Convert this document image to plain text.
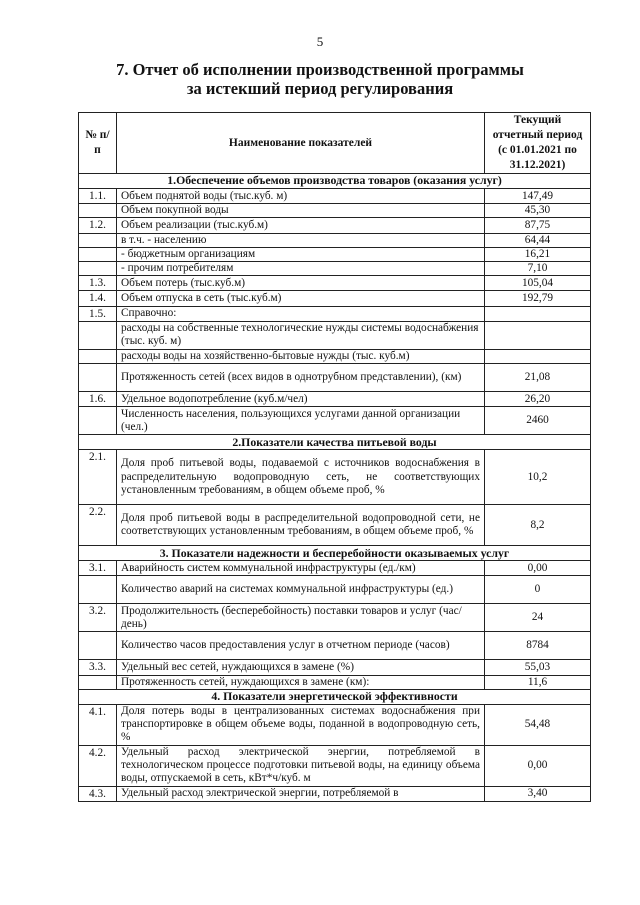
5
7. Отчет об исполнении производственной программы
за истекший период регулирования
№ п/п	Наименование показателей	Текущий отчетный период (с 01.01.2021 по 31.12.2021)
1.Обеспечение объемов производства товаров (оказания услуг)		
1.1.	Объем поднятой воды (тыс.куб. м)	147,49
	Объем покупной воды	45,30
1.2.	Объем реализации (тыс.куб.м)	87,75
	в т.ч. - населению	64,44
	- бюджетным организациям	16,21
	- прочим потребителям	7,10
1.3.	Объем потерь (тыс.куб.м)	105,04
1.4.	Объем отпуска в сеть (тыс.куб.м)	192,79
1.5.	Справочно:	
	расходы на собственные технологические нужды системы водоснабжения (тыс. куб. м)	
	расходы воды на хозяйственно-бытовые нужды (тыс. куб.м)	
	Протяженность сетей (всех видов в однотрубном представлении), (км)	21,08
1.6.	Удельное водопотребление (куб.м/чел)	26,20
	Численность населения, пользующихся услугами данной организации (чел.)	2460
2.Показатели качества питьевой воды		
2.1.	Доля проб питьевой воды, подаваемой с источников водоснабжения в распределительную водопроводную сеть, не соответствующих установленным требованиям, в общем объеме проб, %	10,2
2.2.	Доля проб питьевой воды в распределительной водопроводной сети, не соответствующих установленным требованиям, в общем объеме проб, %	8,2
3. Показатели надежности и бесперебойности оказываемых услуг		
3.1.	Аварийность систем коммунальной инфраструктуры (ед./км)	0,00
	Количество аварий на системах коммунальной инфраструктуры (ед.)	0
3.2.	Продолжительность (бесперебойность) поставки товаров и услуг (час/день)	24
	Количество часов предоставления услуг в отчетном периоде (часов)	8784
3.3.	Удельный вес сетей, нуждающихся в замене (%)	55,03
	Протяженность сетей, нуждающихся в замене (км):	11,6
4. Показатели энергетической эффективности		
4.1.	Доля потерь воды в централизованных системах водоснабжения при транспортировке в общем объеме воды, поданной в водопроводную сеть, %	54,48
4.2.	Удельный расход электрической энергии, потребляемой в технологическом процессе подготовки питьевой воды, на единицу объема воды, отпускаемой в сеть, кВт*ч/куб. м	0,00
4.3.	Удельный расход электрической энергии, потребляемой в	3,40
